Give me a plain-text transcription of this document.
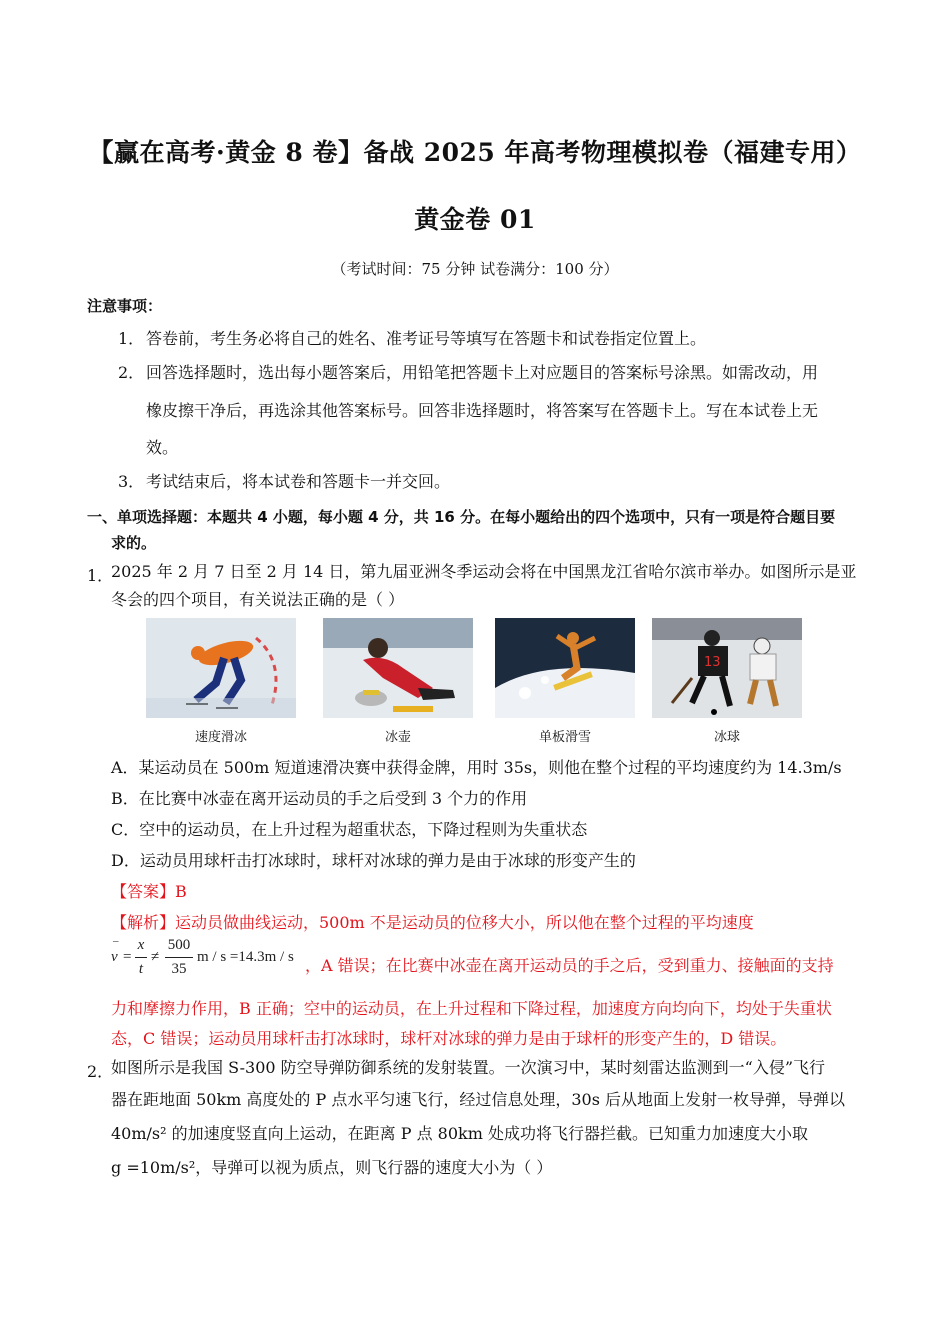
【赢在高考·黄金 8 卷】备战 2025 年高考物理模拟卷（福建专用）
黄金卷 01
（考试时间：75 分钟 试卷满分：100 分）
注意事项：
1． 答卷前，考生务必将自己的姓名、准考证号等填写在答题卡和试卷指定位置上。
2． 回答选择题时，选出每小题答案后，用铅笔把答题卡上对应题目的答案标号涂黑。如需改动，用
橡皮擦干净后，再选涂其他答案标号。回答非选择题时，将答案写在答题卡上。写在本试卷上无
效。
3． 考试结束后，将本试卷和答题卡一并交回。
一、单项选择题：本题共 4 小题，每小题 4 分，共 16 分。在每小题给出的四个选项中，只有一项是符合题目要
求的。
1．
2025 年 2 月 7 日至 2 月 14 日，第九届亚洲冬季运动会将在中国黑龙江省哈尔滨市举办。如图所示是亚
冬会的四个项目，有关说法正确的是（ ）
13
速度滑冰	冰壶	单板滑雪	冰球
A．某运动员在 500m 短道速滑决赛中获得金牌，用时 35s，则他在整个过程的平均速度约为 14.3m/s
B．在比赛中冰壶在离开运动员的手之后受到 3 个力的作用
C．空中的运动员，在上升过程为超重状态，下降过程则为失重状态
D．运动员用球杆击打冰球时，球杆对冰球的弹力是由于冰球的形变产生的
【答案】B
【解析】运动员做曲线运动，500m 不是运动员的位移大小，所以他在整个过程的平均速度
v
–
=
x
t
≠
500
35
m / s =14.3m / s ，A 错误；在比赛中冰壶在离开运动员的手之后，受到重力、接触面的支持
力和摩擦力作用，B 正确；空中的运动员，在上升过程和下降过程，加速度方向均向下，均处于失重状
态，C 错误；运动员用球杆击打冰球时，球杆对冰球的弹力是由于球杆的形变产生的，D 错误。
2．
如图所示是我国 S-300 防空导弹防御系统的发射装置。一次演习中，某时刻雷达监测到一“入侵”飞行
器在距地面 50km 高度处的 P 点水平匀速飞行，经过信息处理，30s 后从地面上发射一枚导弹，导弹以
40m/s² 的加速度竖直向上运动，在距离 P 点 80km 处成功将飞行器拦截。已知重力加速度大小取
g =10m/s²，导弹可以视为质点，则飞行器的速度大小为（ ）
